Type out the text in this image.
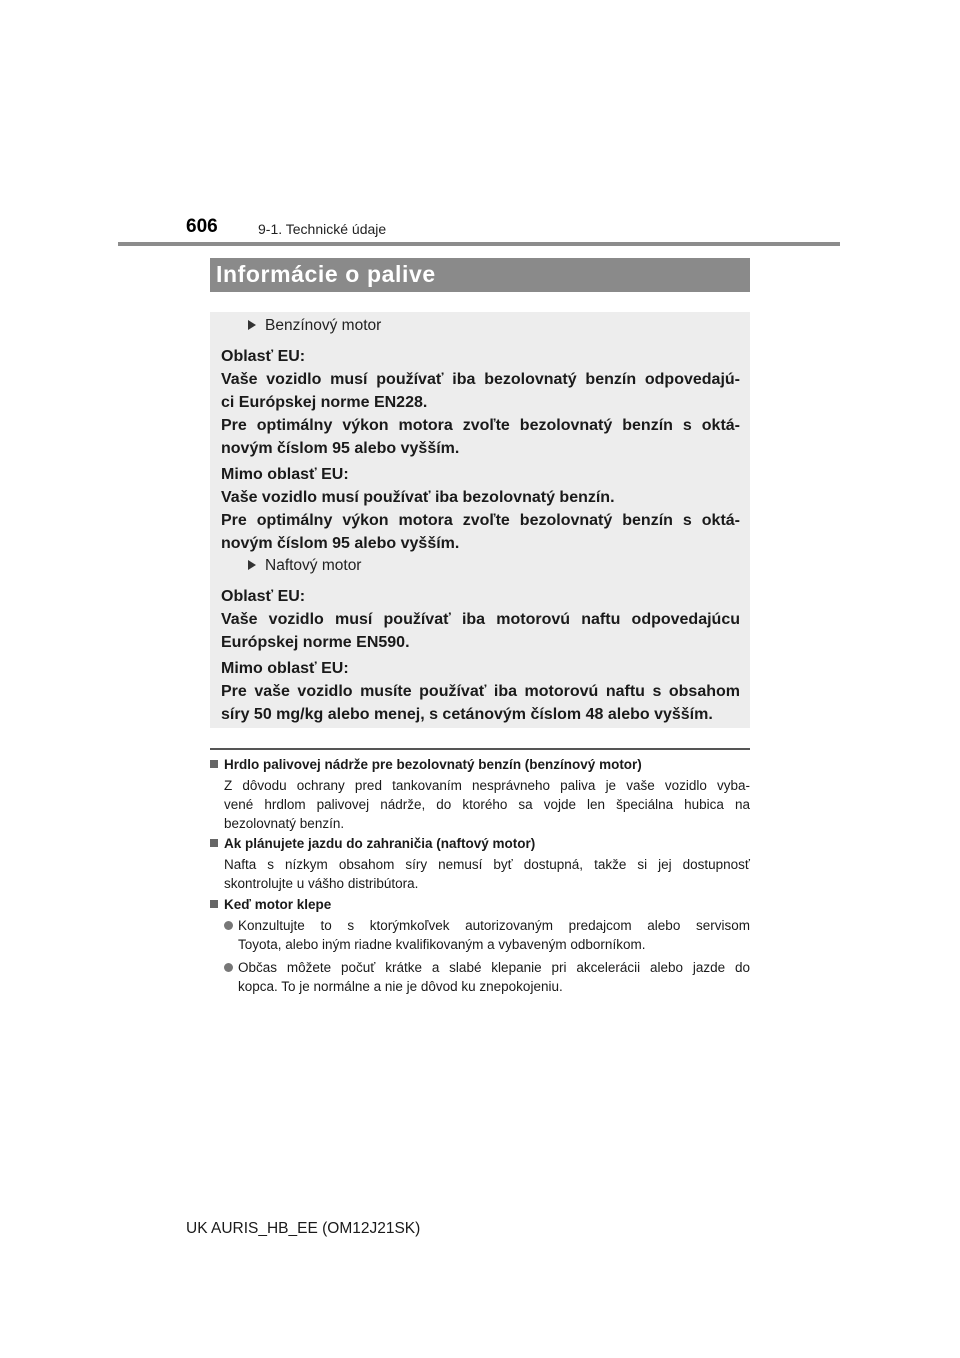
606	9-1. Technické údaje
Informácie o palive
Benzínový motor
Oblasť EU:
Vaše vozidlo musí používať iba bezolovnatý benzín odpovedajú-
ci Európskej norme EN228.
Pre optimálny výkon motora zvoľte bezolovnatý benzín s oktá-
novým číslom 95 alebo vyšším.
Mimo oblasť EU:
Vaše vozidlo musí používať iba bezolovnatý benzín.
Pre optimálny výkon motora zvoľte bezolovnatý benzín s oktá-
novým číslom 95 alebo vyšším.
Naftový motor
Oblasť EU:
Vaše vozidlo musí používať iba motorovú naftu odpovedajúcu
Európskej norme EN590.
Mimo oblasť EU:
Pre vaše vozidlo musíte používať iba motorovú naftu s obsahom
síry 50 mg/kg alebo menej, s cetánovým číslom 48 alebo vyšším.
Hrdlo palivovej nádrže pre bezolovnatý benzín (benzínový motor)
Z dôvodu ochrany pred tankovaním nesprávneho paliva je vaše vozidlo vyba-
vené hrdlom palivovej nádrže, do ktorého sa vojde len špeciálna hubica na
bezolovnatý benzín.
Ak plánujete jazdu do zahraničia (naftový motor)
Nafta s nízkym obsahom síry nemusí byť dostupná, takže si jej dostupnosť
skontrolujte u vášho distribútora.
Keď motor klepe
Konzultujte to s ktorýmkoľvek autorizovaným predajcom alebo servisom
Toyota, alebo iným riadne kvalifikovaným a vybaveným odborníkom.
Občas môžete počuť krátke a slabé klepanie pri akcelerácii alebo jazde do
kopca. To je normálne a nie je dôvod ku znepokojeniu.
UK AURIS_HB_EE (OM12J21SK)
